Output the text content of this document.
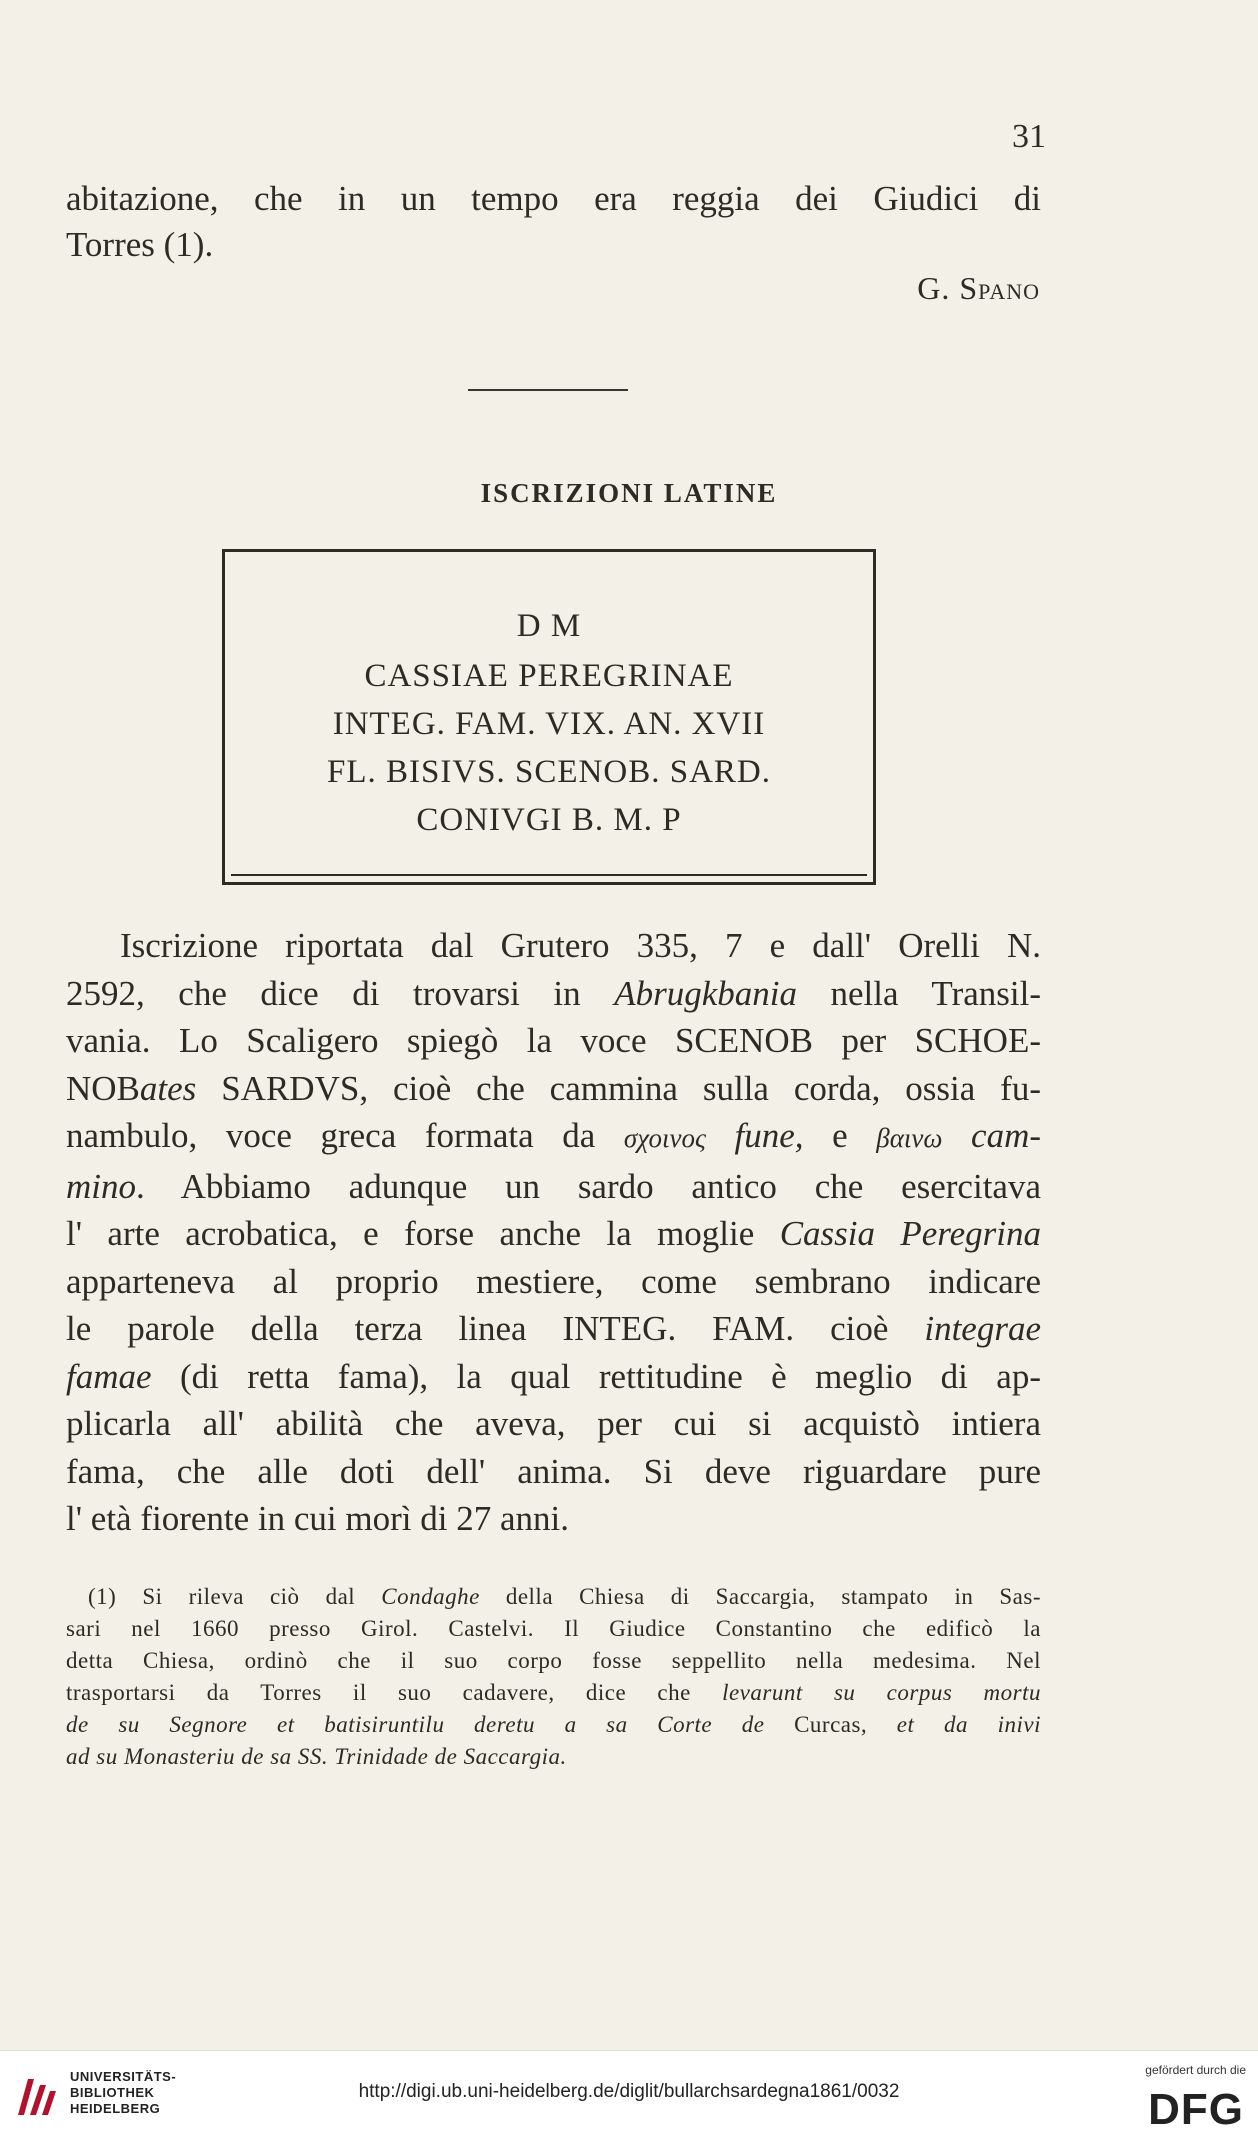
31
abitazione, che in un tempo era reggia dei Giudici di
Torres (1).
G. Spano
ISCRIZIONI LATINE
D M
CASSIAE PEREGRINAE
INTEG. FAM. VIX. AN. XVII
FL. BISIVS. SCENOB. SARD.
CONIVGI B. M. P
Iscrizione riportata dal Grutero 335, 7 e dall' Orelli N.
2592, che dice di trovarsi in Abrugkbania nella Transil-
vania. Lo Scaligero spiegò la voce SCENOB per SCHOE-
NOBates SARDVS, cioè che cammina sulla corda, ossia fu-
nambulo, voce greca formata da σχοινος fune, e βαινω cam-
mino. Abbiamo adunque un sardo antico che esercitava
l' arte acrobatica, e forse anche la moglie Cassia Peregrina
apparteneva al proprio mestiere, come sembrano indicare
le parole della terza linea INTEG. FAM. cioè integrae
famae (di retta fama), la qual rettitudine è meglio di ap-
plicarla all' abilità che aveva, per cui si acquistò intiera
fama, che alle doti dell' anima. Si deve riguardare pure
l' età fiorente in cui morì di 27 anni.
(1) Si rileva ciò dal Condaghe della Chiesa di Saccargia, stampato in Sas-
sari nel 1660 presso Girol. Castelvi. Il Giudice Constantino che edificò la
detta Chiesa, ordinò che il suo corpo fosse seppellito nella medesima. Nel
trasportarsi da Torres il suo cadavere, dice che levarunt su corpus mortu
de su Segnore et batisiruntilu deretu a sa Corte de Curcas, et da inivi
ad su Monasteriu de sa SS. Trinidade de Saccargia.
UNIVERSITÄTS-
BIBLIOTHEK
HEIDELBERG
http://digi.ub.uni-heidelberg.de/diglit/bullarchsardegna1861/0032
gefördert durch die
DFG
